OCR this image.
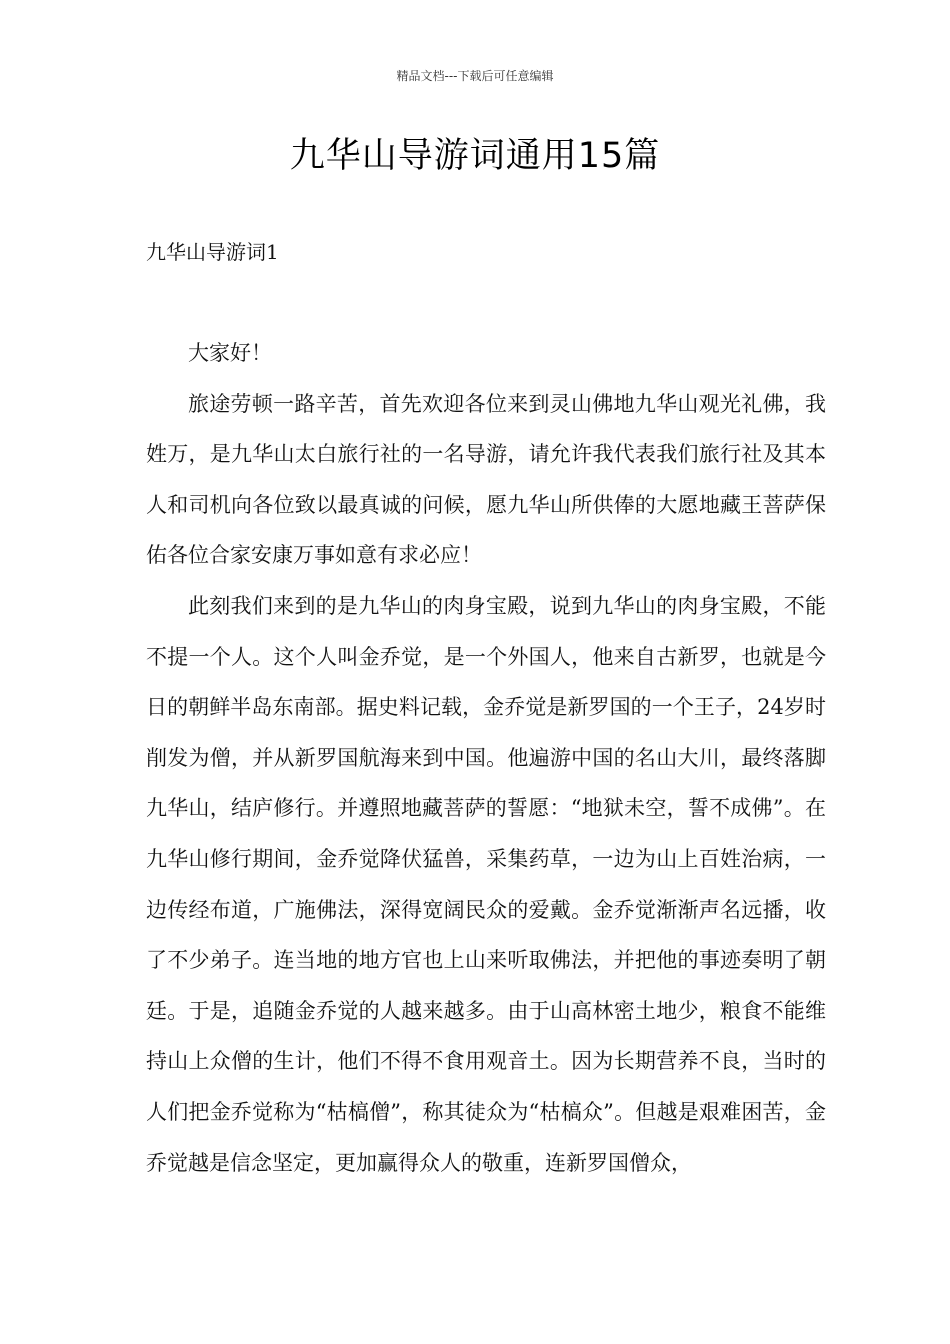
精品文档---下载后可任意编辑
九华山导游词通用15篇
九华山导游词1

大家好！

旅途劳顿一路辛苦，首先欢迎各位来到灵山佛地九华山观光礼佛，我姓万，是九华山太白旅行社的一名导游，请允许我代表我们旅行社及其本人和司机向各位致以最真诚的问候，愿九华山所供俸的大愿地藏王菩萨保佑各位合家安康万事如意有求必应！

此刻我们来到的是九华山的肉身宝殿，说到九华山的肉身宝殿，不能不提一个人。这个人叫金乔觉，是一个外国人，他来自古新罗，也就是今日的朝鲜半岛东南部。据史料记载，金乔觉是新罗国的一个王子，24岁时削发为僧，并从新罗国航海来到中国。他遍游中国的名山大川，最终落脚九华山，结庐修行。并遵照地藏菩萨的誓愿：“地狱未空，誓不成佛”。在九华山修行期间，金乔觉降伏猛兽，采集药草，一边为山上百姓治病，一边传经布道，广施佛法，深得宽阔民众的爱戴。金乔觉渐渐声名远播，收了不少弟子。连当地的地方官也上山来听取佛法，并把他的事迹奏明了朝廷。于是，追随金乔觉的人越来越多。由于山高林密土地少，粮食不能维持山上众僧的生计，他们不得不食用观音土。因为长期营养不良，当时的人们把金乔觉称为“枯槁僧”，称其徒众为“枯槁众”。但越是艰难困苦，金乔觉越是信念坚定，更加赢得众人的敬重，连新罗国僧众，
